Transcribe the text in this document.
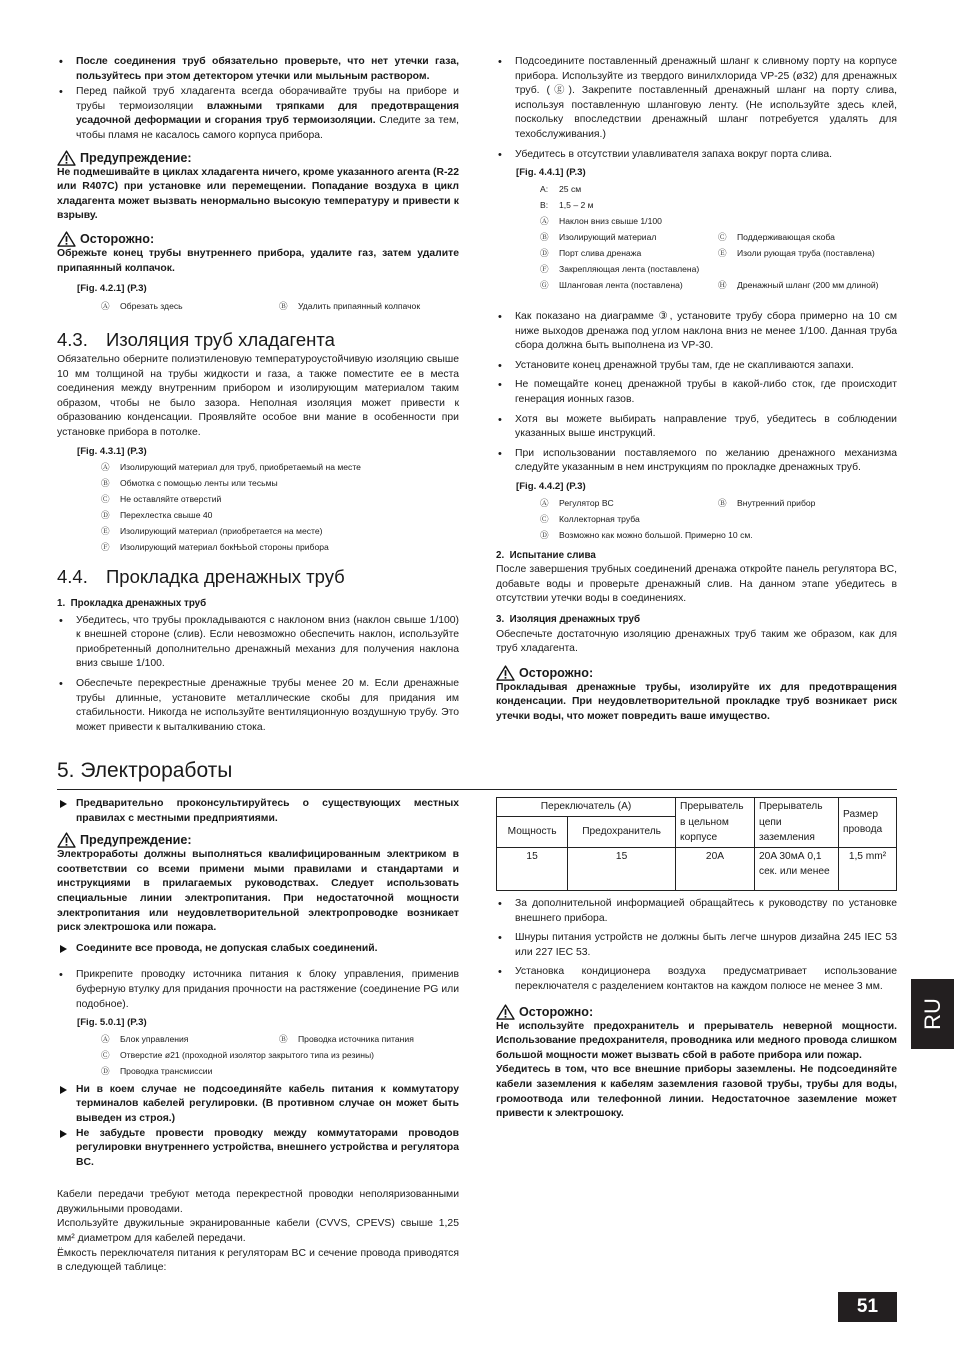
• После соединения труб обязательно проверьте, что нет утечки газа, пользуйтесь при этом детектором утечки или мыльным раствором.

• Перед пайкой труб хладагента всегда оборачивайте трубы на приборе и трубы термоизоляции влажными тряпками для предотвращения усадочной деформации и сгорания труб термоизоляции. Следите за тем, чтобы пламя не касалось самого корпуса прибора.

Предупреждение:

Не подмешивайте в циклах хладагента ничего, кроме указанного агента (R-22 или R407C) при установке или перемещении. Попадание воздуха в цикл хладагента может вызвать ненормально высокую температуру и привести к взрыву.

Осторожно:

Обрежьте конец трубы внутреннего прибора, удалите газ, затем удалите припаянный колпачок.

[Fig. 4.2.1] (P.3)

Ⓐ	Обрезать здесь	Ⓑ	Удалить припаянный колпачок
4.3. Изоляция труб хладагента

Обязательно оберните полиэтиленовую температуроустойчивую изоляцию свыше 10 мм толщиной на трубы жидкости и газа, а также поместите ее в места соединения между внутренним прибором и изолирующим материалом таким образом, чтобы не было зазора. Неполная изоляция может привести к образованию конденсации. Проявляйте особое вни мание в особенности при установке прибора в потолке.

[Fig. 4.3.1] (P.3)

Ⓐ	Изолирующий материал для труб, приобретаемый на месте
Ⓑ	Обмотка с помощью ленты или тесьмы
Ⓒ	Не оставляйте отверстий
Ⓓ	Перехлестка свыше 40
Ⓔ	Изолирующий материал (приобретается на месте)
Ⓕ	Изолирующий материал бокЊЬой стороны прибора
4.4. Прокладка дренажных труб

1.  Прокладка дренажных труб

• Убедитесь, что трубы прокладываются с наклоном вниз (наклон свыше 1/100) к внешней стороне (слив). Если невозможно обеспечить наклон, используйте приобретенный дополнительно дренажный механиз для получения наклона вниз свыше 1/100.

• Обеспечьте перекрестные дренажные трубы менее 20 м. Если дренажные трубы длинные, установите металлические скобы для придания им стабильности. Никогда не используйте вентиляционную воздушную трубу. Это может привести к выталкиванию стока.

• Подсоедините поставленный дренажный шланг к сливному порту на корпусе прибора. Используйте из твердого винилхлорида VP-25 (ø32) для дренажных труб. (ⓖ). Закрепите поставленный дренажный шланг на порту слива, используя поставленную шланговую ленту. (Не используйте здесь клей, поскольку впоследствии дренажный шланг потребуется удалять для техобслуживания.)

• Убедитесь в отсутствии улавливателя запаха вокруг порта слива.

[Fig. 4.4.1] (P.3)

A:	25 см
B:	1,5 – 2 м
Ⓐ	Наклон вниз свыше 1/100
Ⓑ	Изолирующий материал	Ⓒ	Поддерживающая скоба
Ⓓ	Порт слива дренажа	Ⓔ	Изоли рующая труба (поставлена)
Ⓕ	Закрепляющая лента (поставлена)
Ⓖ	Шланговая лента (поставлена)	Ⓗ	Дренажный шланг (200 мм длиной)

• Как показано на диаграмме ③, установите трубу сбора примерно на 10 см ниже выходов дренажа под углом наклона вниз не менее 1/100. Данная труба сбора должна быть выполнена из VP-30.

• Установите конец дренажной трубы там, где не скапливаются запахи.

• Не помещайте конец дренажной трубы в какой-либо сток, где происходит генерация ионных газов.

• Хотя вы можете выбирать направление труб, убедитесь в соблюдении указанных выше инструкций.

• При использовании поставляемого по желанию дренажного механизма следуйте указанным в нем инструкциям по прокладке дренажных труб.

[Fig. 4.4.2] (P.3)

Ⓐ	Регулятор BC	Ⓑ	Внутренний прибор
Ⓒ	Коллекторная труба
Ⓓ	Возможно как можно большой. Примерно 10 см.

2.  Испытание слива

После завершения трубных соединений дренажа откройте панель регулятора BC, добавьте воды и проверьте дренажный слив. На данном этапе убедитесь в отсутствии утечки воды в соединениях.

3.  Изоляция дренажных труб

Обеспечьте достаточную изоляцию дренажных труб таким же образом, как для труб хладагента.

Осторожно:

Прокладывая дренажные трубы, изолируйте их для предотвращения конденсации. При неудовлетворительной прокладке труб возникает риск утечки воды, что может повредить ваше имущество.

5. Электроработы

Предварительно проконсультируйтесь о существующих местных правилах с местными предприятиями.

Предупреждение:

Электроработы должны выполняться квалифицированным электриком в соответствии со всеми примени мыми правилами и стандартами и инструкциями в прилагаемых руководствах. Следует использовать специальные линии электропитания. При недостаточной мощности электропитания или неудовлетворительной электропроводке возникает риск электрошока или пожара.

Соедините все провода, не допуская слабых соединений.

• Прикрепите проводку источника питания к блоку управления, применив буферную втулку для придания прочности на растяжение (соединение PG или подобное).

[Fig. 5.0.1] (P.3)

Ⓐ	Блок управления	Ⓑ	Проводка источника питания
Ⓒ	Отверстие ø21 (проходной изолятор закрытого типа из резины)
Ⓓ	Проводка трансмиссии

Ни в коем случае не подсоединяйте кабель питания к коммутатору терминалов кабелей регулировки. (В противном случае он может быть выведен из строя.)

Не забудьте провести проводку между коммутаторами проводов регулировки внутреннего устройства, внешнего устройства и регулятора BC.

Кабели передачи требуют метода перекрестной проводки неполяризованными двужильными проводами.

Используйте двужильные экранированные кабели (CVVS, CPEVS) свыше 1,25 мм² диаметром для кабелей передачи.

Ёмкость переключателя питания к регуляторам BC и сечение провода приводятся в следующей таблице:

Переключатель (A)		Прерыватель в цельном корпусе	Прерыватель цепи заземления	Размер провода
Мощность	Предохранитель			
15	15	20A	20A 30мА 0,1 сек. или менее	1,5 mm²

• За дополнительной информацией обращайтесь к руководству по установке внешнего прибора.

• Шнуры питания устройств не должны быть легче шнуров дизайна 245 IEC 53 или 227 IEC 53.

• Установка кондиционера воздуха предусматривает использование переключателя с разделением контактов на каждом полюсе не менее 3 мм.

Осторожно:

Не используйте предохранитель и прерыватель неверной мощности. Использование предохранителя, проводника или медного провода слишком большой мощности может вызвать сбой в работе прибора или пожар.

Убедитесь в том, что все внешние приборы заземлены. Не подсоединяйте кабели заземления к кабелям заземления газовой трубы, трубы для воды, громоотвода или телефонной линии. Недостаточное заземление может привести к электрошоку.

RU
51
